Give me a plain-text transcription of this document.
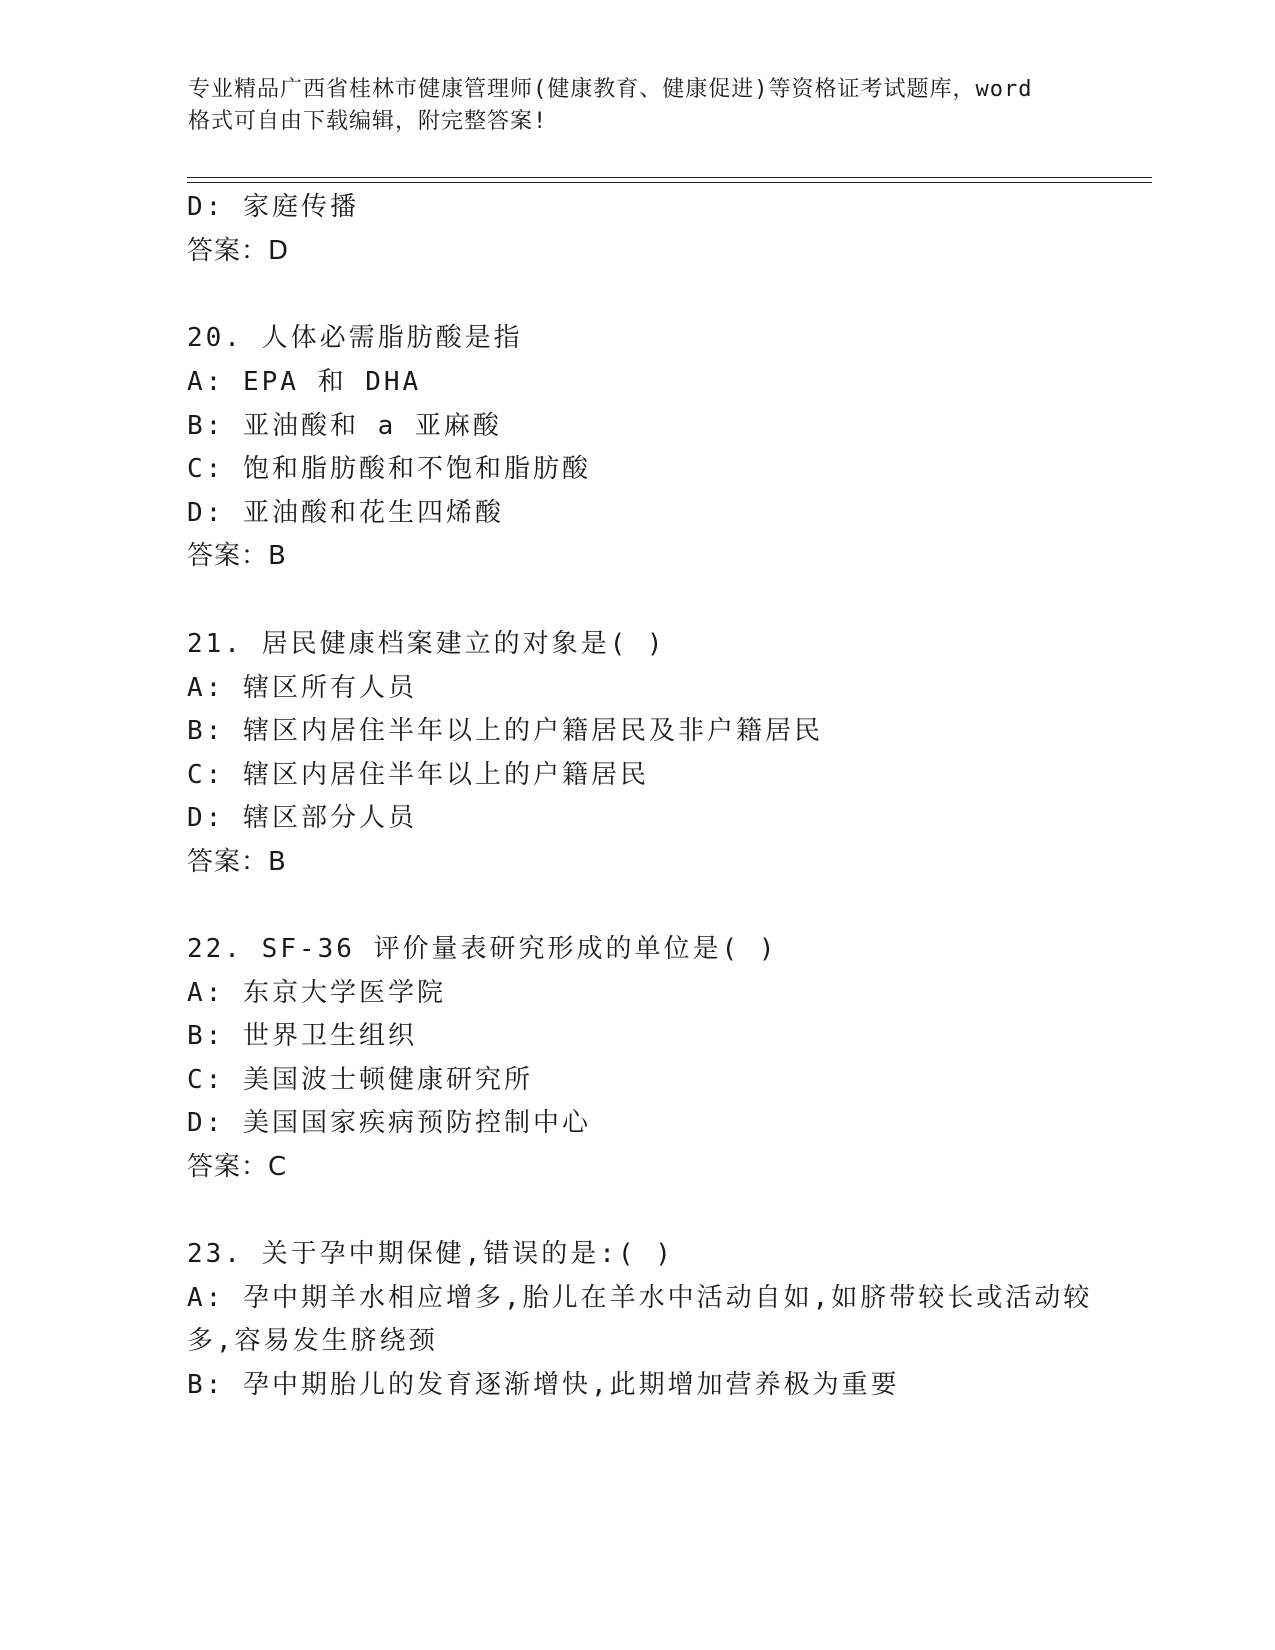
专业精品广西省桂林市健康管理师(健康教育、健康促进)等资格证考试题库，word
格式可自由下载编辑，附完整答案!
D: 家庭传播
答案：D
20. 人体必需脂肪酸是指
A: EPA 和 DHA
B: 亚油酸和 a 亚麻酸
C: 饱和脂肪酸和不饱和脂肪酸
D: 亚油酸和花生四烯酸
答案：B
21. 居民健康档案建立的对象是( )
A: 辖区所有人员
B: 辖区内居住半年以上的户籍居民及非户籍居民
C: 辖区内居住半年以上的户籍居民
D: 辖区部分人员
答案：B
22. SF-36 评价量表研究形成的单位是( )
A: 东京大学医学院
B: 世界卫生组织
C: 美国波士顿健康研究所
D: 美国国家疾病预防控制中心
答案：C
23. 关于孕中期保健,错误的是:( )
A: 孕中期羊水相应增多,胎儿在羊水中活动自如,如脐带较长或活动较
多,容易发生脐绕颈
B: 孕中期胎儿的发育逐渐增快,此期增加营养极为重要
